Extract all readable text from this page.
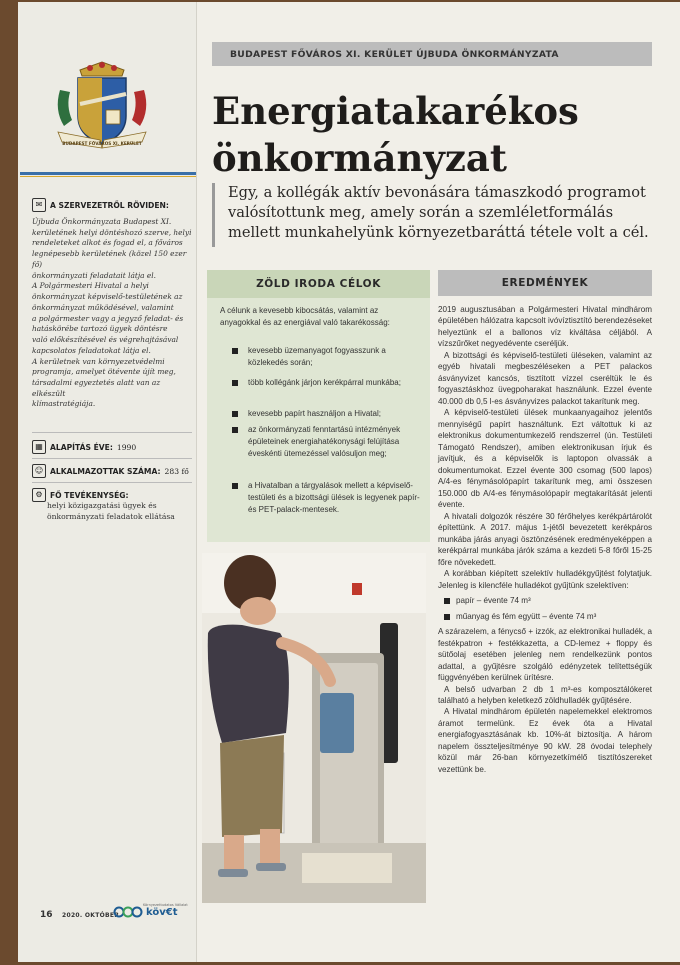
BUDAPEST FŐVÁROS XI. KERÜLET
✉	A SZERVEZETRŐL RÖVIDEN:
Újbuda Önkormányzata Budapest XI.
kerületének helyi döntéshozó szerve, helyi
rendeleteket alkot és fogad el, a főváros
legnépesebb kerületének (közel 150 ezer fő)
önkormányzati feladatait látja el.
A Polgármesteri Hivatal a helyi
önkormányzat képviselő-testületének az
önkormányzat működésével, valamint
a polgármester vagy a jegyző feladat- és
hatáskörébe tartozó ügyek döntésre
való előkészítésével és végrehajtásával
kapcsolatos feladatokat látja el.
A kerületnek van környezetvédelmi
programja, amelyet ötévente újít meg,
társadalmi egyeztetés alatt van az elkészült
klímastratégiája.
▦ ALAPÍTÁS ÉVE: 1990
☺ ALKALMAZOTTAK SZÁMA: 283 fő
⚙ FŐ TEVÉKENYSÉG:
helyi közigazgatási ügyek és
önkormányzati feladatok ellátása
BUDAPEST FŐVÁROS XI. KERÜLET ÚJBUDA ÖNKORMÁNYZATA
Energiatakarékos
önkormányzat
Egy, a kollégák aktív bevonására támaszkodó programot valósítottunk meg, amely során a szemléletformálás mellett munkahelyünk környezetbaráttá tétele volt a cél.
ZÖLD IRODA CÉLOK
A célunk a kevesebb kibocsátás, valamint az anyagokkal és az energiával való takarékosság:
kevesebb üzemanyagot fogyasszunk a közlekedés során;
több kollégánk járjon kerékpárral munkába;
kevesebb papírt használjon a Hivatal;
az önkormányzati fenntartású intézmények épületeinek energiahatékonysági felújítása éveskénti ütemezéssel valósuljon meg;
a Hivatalban a tárgyalások mellett a képviselő-testületi és a bizottsági ülések is legyenek papír- és PET-palack-mentesek.
EREDMÉNYEK

2019 augusztusában a Polgármesteri Hivatal mindhárom épületében hálózatra kapcsolt ivóvíztisztító berendezéseket helyeztünk el a ballonos víz kiváltása céljából. A vízszűrőket negyedévente cseréljük.

A bizottsági és képviselő-testületi üléseken, valamint az egyéb hivatali megbeszéléseken a PET palackos ásványvizet kancsós, tisztított vízzel cseréltük le és fogyasztáskhoz üvegpoharakat használunk. Ezzel évente 40.000 db 0,5 l-es ásványvizes palackot takarítunk meg.

A képviselő-testületi ülések munkaanyagaihoz jelentős mennyiségű papírt használtunk. Ezt váltottuk ki az elektronikus dokumentumkezelő rendszerrel (ún. Testületi Támogató Rendszer), amiben elektronikusan írjuk és javítjuk, és a képviselők is laptopon olvassák a dokumentumokat. Ezzel évente 300 csomag (500 lapos) A/4-es fénymásolópapírt takarítunk meg, ami összesen 150.000 db A/4-es fénymásolópapír megtakarítását jelenti évente.

A hivatali dolgozók részére 30 férőhelyes kerékpártárolót építettünk. A 2017. május 1-jétől bevezetett kerékpáros munkába járás anyagi ösztönzésének eredményeképpen a kerékpárral munkába járók száma a kezdeti 5-8 főről 15-25 főre növekedett.

A korábban kiépített szelektív hulladékgyűjtést folytatjuk. Jelenleg is kilencféle hulladékot gyűjtünk szelektíven:

papír – évente 74 m³
műanyag és fém együtt – évente 74 m³

A szárazelem, a fénycső + izzók, az elektronikai hulladék, a festékpatron + festékkazetta, a CD-lemez + floppy és sütőolaj esetében jelenleg nem rendelkezünk pontos adattal, a gyűjtésre szolgáló edényzetek telítettségük függvényében kerülnek ürítésre.

A belső udvarban 2 db 1 m³-es komposztálókeret található a helyben keletkező zöldhulladék gyűjtésére.

A Hivatal mindhárom épületén napelemekkel elektromos áramot termelünk. Ez évek óta a Hivatal energiafogyasztásának kb. 10%-át biztosítja. A három napelem összteljesítménye 90 kW. 28 óvodai telephely közül már 26-ban környezetkímélő tisztítószereket vezettünk be.

16 2020. OKTÓBER	köv€t
Környezettudatos Vállalat
